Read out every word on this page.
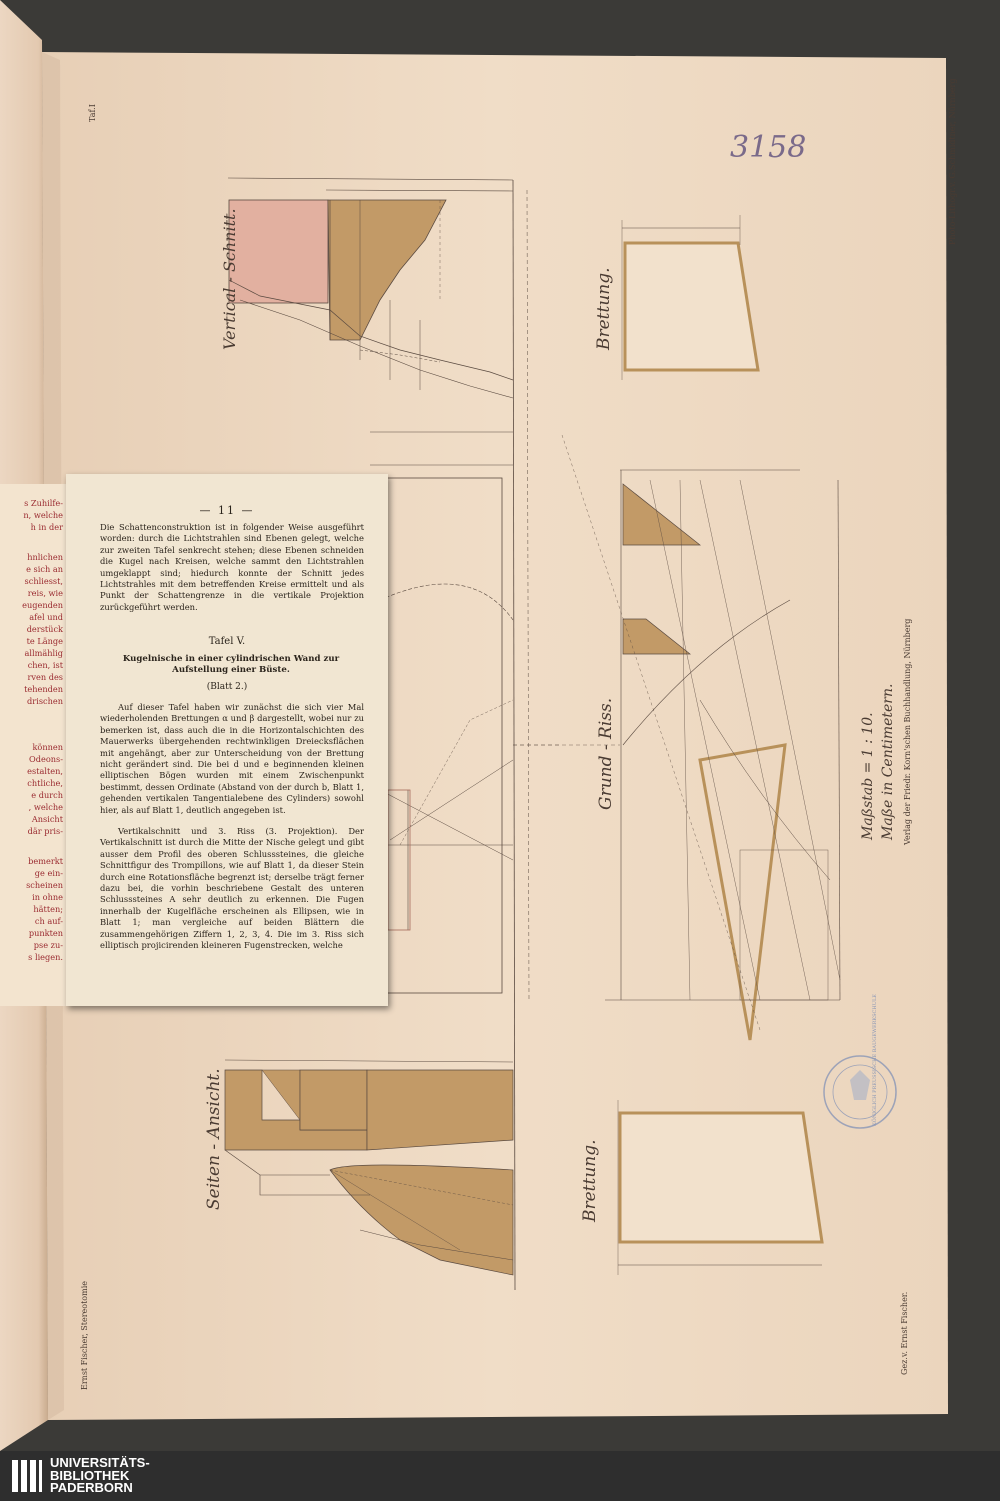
Photo-Lithogr.v. G.Schmidtner, Nürnberg
3158
Taf.I
Vertical - Schnitt.	Brettung.
Grund - Riss.
Seiten - Ansicht.	Brettung.
Maßstab = 1 : 10. Maße in Centimetern. Verlag der Friedr. Korn'schen Buchhandlung, Nürnberg
Ernst Fischer, Stereotomie	Gez.v. Ernst Fischer.
KÖNIGLICH PREUSSISCHE BAUGEWERKSCHULE
s Zuhilfe-
n, welche
h in der
hnlichen
e sich an
schliesst,
reis, wie
eugenden
afel und
derstück
te Länge
allmählig
chen, ist
rven des
tehenden
drischen
können
Odeons-
estalten,
chtliche,
e durch
, welche
Ansicht
där pris-
bemerkt
ge ein-
scheinen
in ohne
hätten;
ch auf-
punkten
pse zu-
s liegen.
— 11 —
Die Schattenconstruktion ist in folgender Weise ausgeführt worden: durch die Lichtstrahlen sind Ebenen gelegt, welche zur zweiten Tafel senkrecht stehen; diese Ebenen schneiden die Kugel nach Kreisen, welche sammt den Lichtstrahlen umgeklappt sind; hiedurch konnte der Schnitt jedes Lichtstrahles mit dem betreffenden Kreise ermittelt und als Punkt der Schattengrenze in die vertikale Projektion zurückgeführt werden.
Tafel V.
Kugelnische in einer cylindrischen Wand zur Aufstellung einer Büste.
(Blatt 2.)
Auf dieser Tafel haben wir zunächst die sich vier Mal wiederholenden Brettungen α und β dargestellt, wobei nur zu bemerken ist, dass auch die in die Horizontalschichten des Mauerwerks übergehenden rechtwinkligen Dreiecksflächen mit angehängt, aber zur Unterscheidung von der Brettung nicht gerändert sind. Die bei d und e beginnenden kleinen elliptischen Bögen wurden mit einem Zwischenpunkt bestimmt, dessen Ordinate (Abstand von der durch b, Blatt 1, gehenden vertikalen Tangentialebene des Cylinders) sowohl hier, als auf Blatt 1, deutlich angegeben ist.
Vertikalschnitt und 3. Riss (3. Projektion). Der Vertikalschnitt ist durch die Mitte der Nische gelegt und gibt ausser dem Profil des oberen Schlusssteines, die gleiche Schnittfigur des Trompillons, wie auf Blatt 1, da dieser Stein durch eine Rotationsfläche begrenzt ist; derselbe trägt ferner dazu bei, die vorhin beschriebene Gestalt des unteren Schlusssteines A sehr deutlich zu erkennen. Die Fugen innerhalb der Kugelfläche erscheinen als Ellipsen, wie in Blatt 1; man vergleiche auf beiden Blättern die zusammengehörigen Ziffern 1, 2, 3, 4. Die im 3. Riss sich elliptisch projicirenden kleineren Fugenstrecken, welche
UNIVERSITÄTS-
BIBLIOTHEK
PADERBORN
